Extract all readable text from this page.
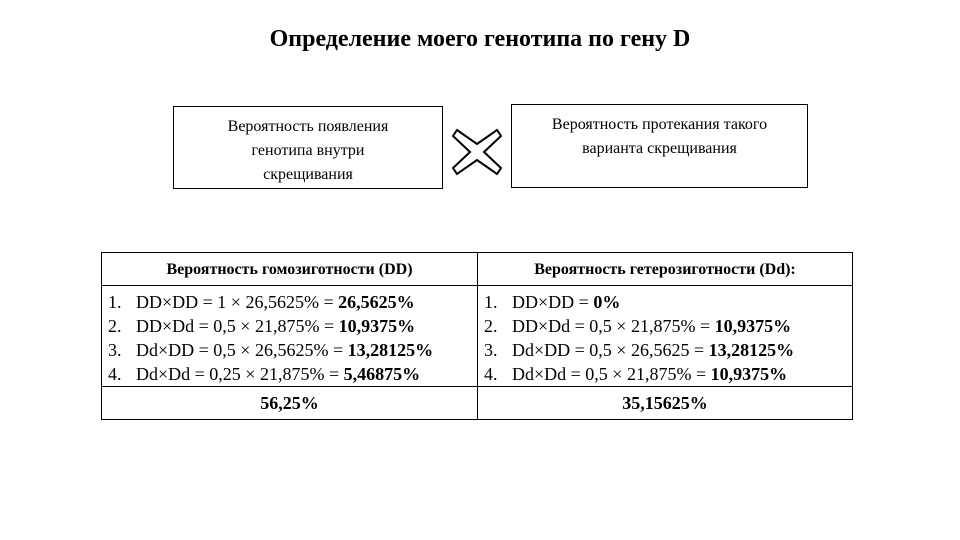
Определение моего генотипа по гену D
Вероятность появления
генотипа внутри
скрещивания
Вероятность протекания такого
варианта скрещивания
Вероятность гомозиготности (DD)
1. DD×DD = 1 × 26,5625% = 26,5625%
2. DD×Dd = 0,5 × 21,875% = 10,9375%
3. Dd×DD = 0,5 × 26,5625% = 13,28125%
4. Dd×Dd = 0,25 × 21,875% = 5,46875%
56,25%
Вероятность гетерозиготности (Dd):
1. DD×DD = 0%
2. DD×Dd = 0,5 × 21,875% = 10,9375%
3. Dd×DD = 0,5 × 26,5625 = 13,28125%
4. Dd×Dd = 0,5 × 21,875% = 10,9375%
35,15625%
